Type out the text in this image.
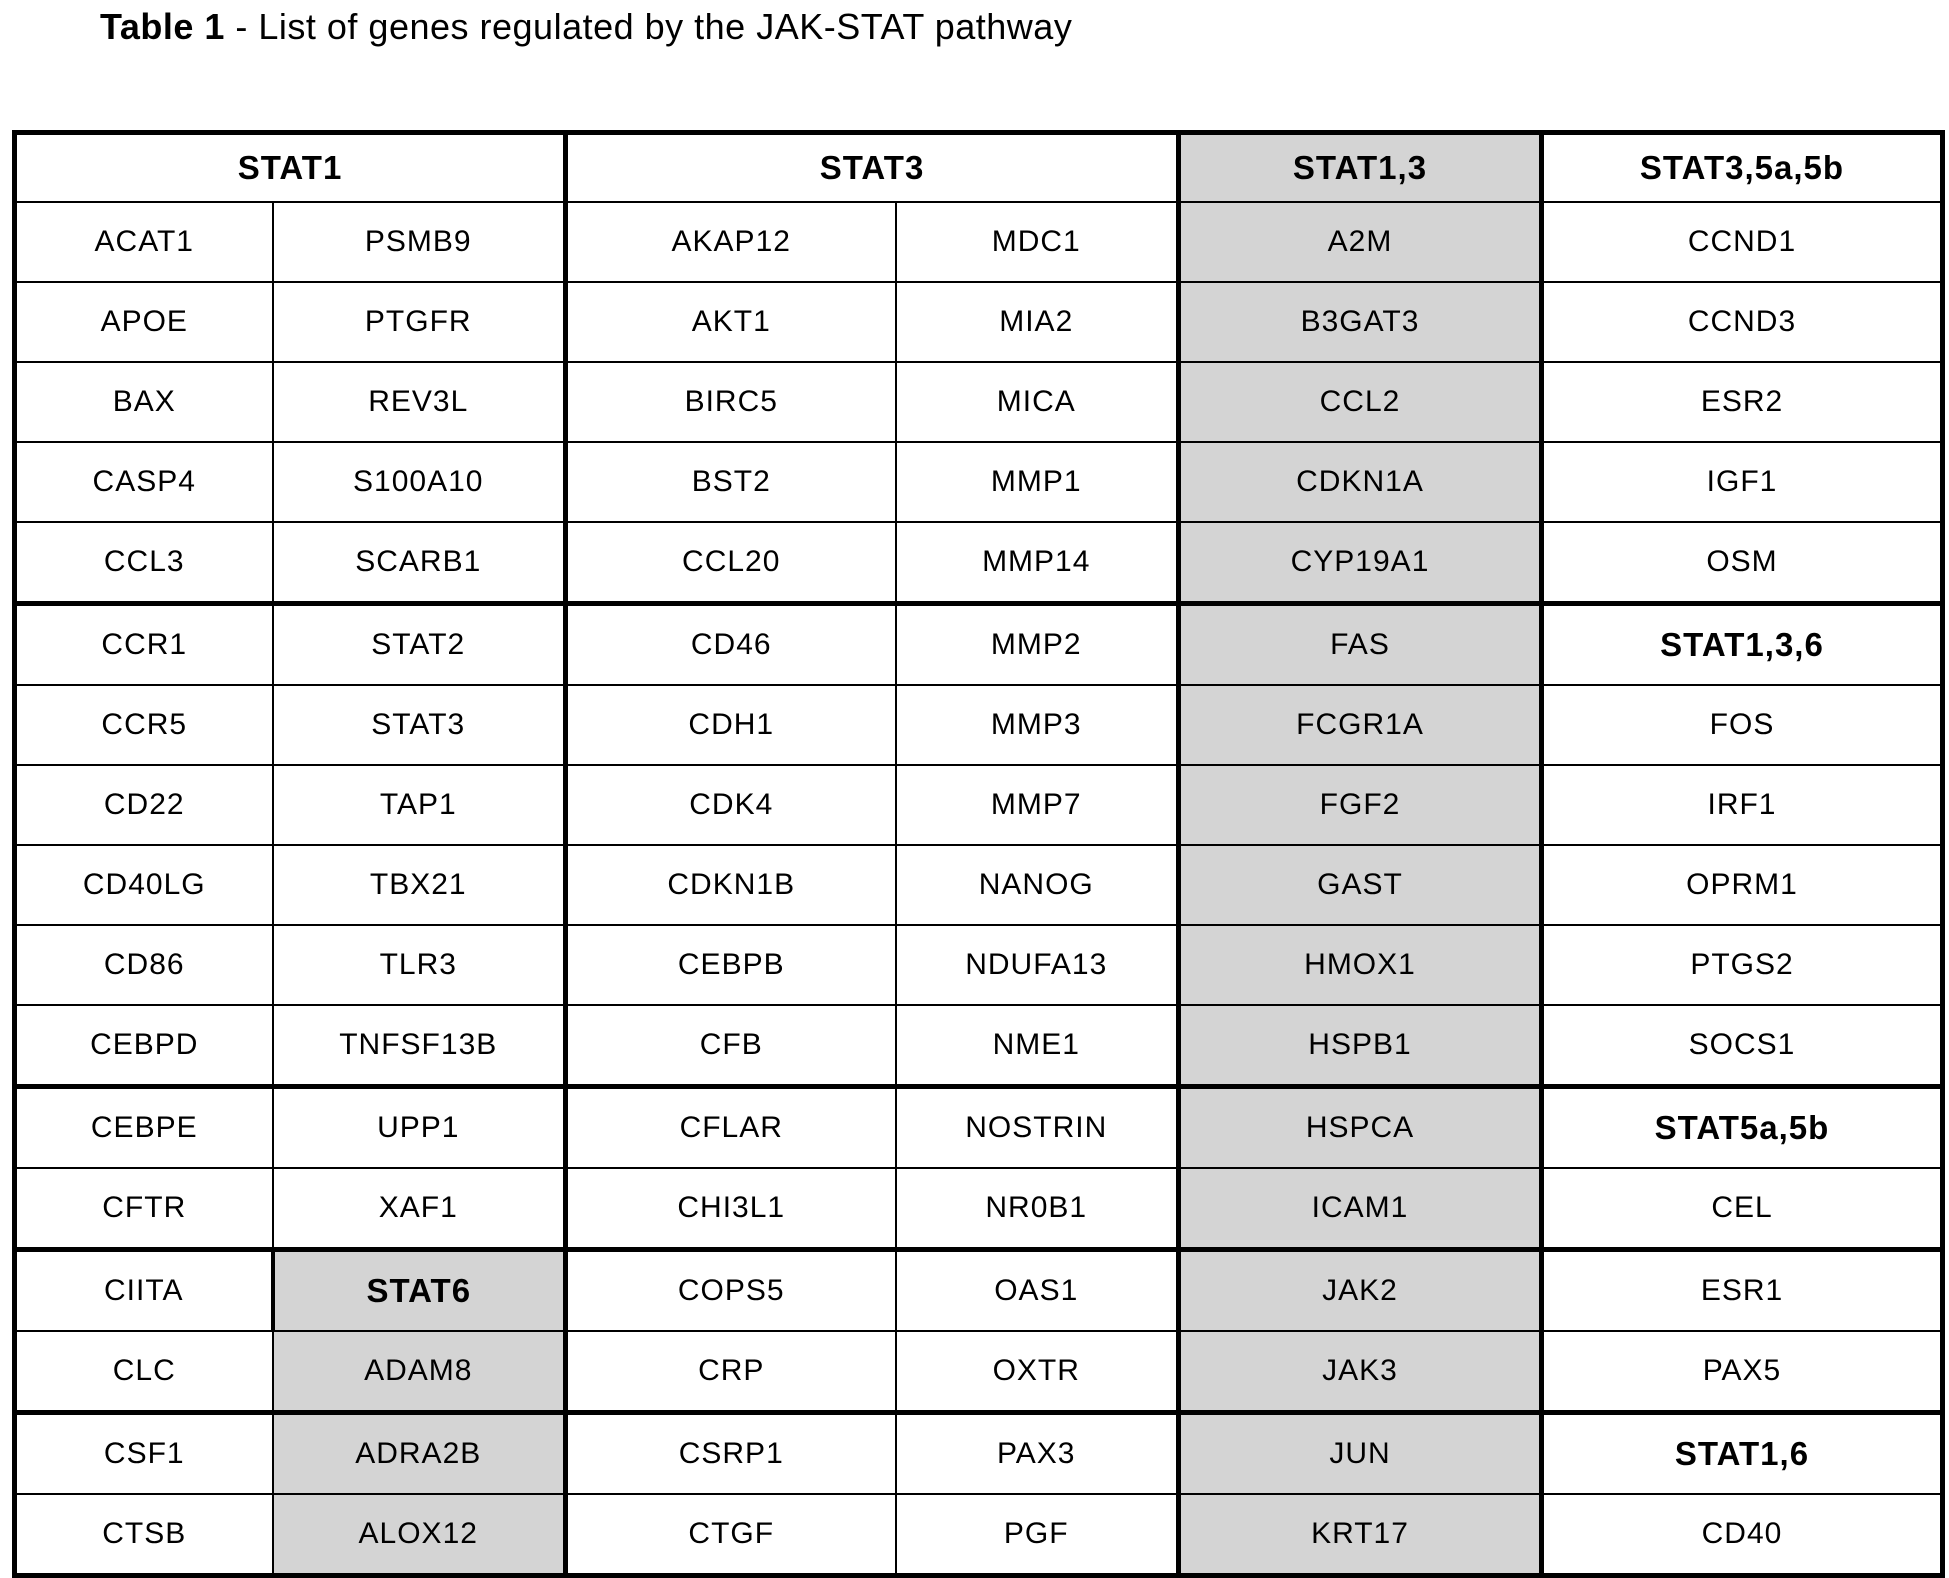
Table 1 - List of genes regulated by the JAK-STAT pathway
STAT1		STAT3		STAT1,3	STAT3,5a,5b
ACAT1	PSMB9	AKAP12	MDC1	A2M	CCND1
APOE	PTGFR	AKT1	MIA2	B3GAT3	CCND3
BAX	REV3L	BIRC5	MICA	CCL2	ESR2
CASP4	S100A10	BST2	MMP1	CDKN1A	IGF1
CCL3	SCARB1	CCL20	MMP14	CYP19A1	OSM
CCR1	STAT2	CD46	MMP2	FAS	STAT1,3,6
CCR5	STAT3	CDH1	MMP3	FCGR1A	FOS
CD22	TAP1	CDK4	MMP7	FGF2	IRF1
CD40LG	TBX21	CDKN1B	NANOG	GAST	OPRM1
CD86	TLR3	CEBPB	NDUFA13	HMOX1	PTGS2
CEBPD	TNFSF13B	CFB	NME1	HSPB1	SOCS1
CEBPE	UPP1	CFLAR	NOSTRIN	HSPCA	STAT5a,5b
CFTR	XAF1	CHI3L1	NR0B1	ICAM1	CEL
CIITA	STAT6	COPS5	OAS1	JAK2	ESR1
CLC	ADAM8	CRP	OXTR	JAK3	PAX5
CSF1	ADRA2B	CSRP1	PAX3	JUN	STAT1,6
CTSB	ALOX12	CTGF	PGF	KRT17	CD40
